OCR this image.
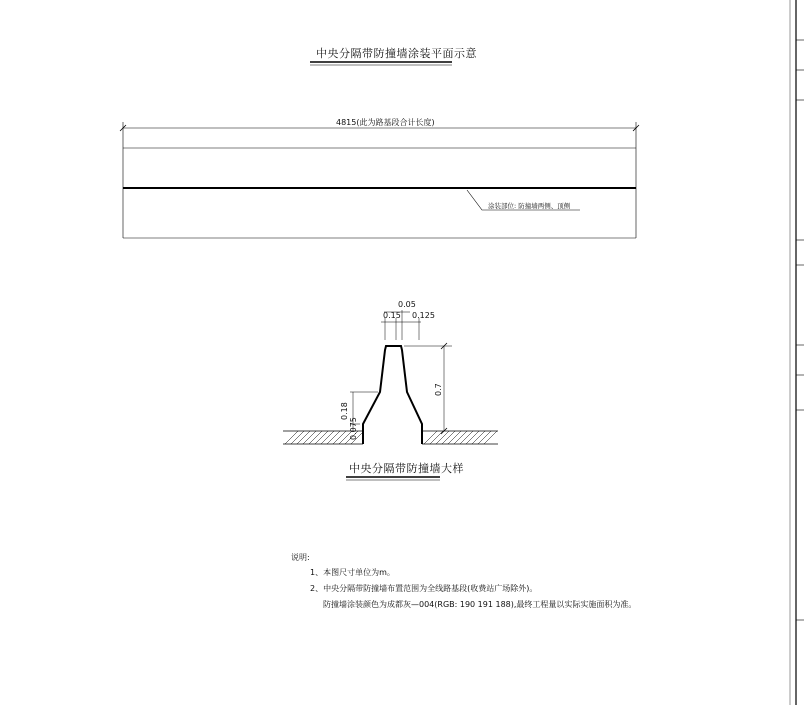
中央分隔带防撞墙涂装平面示意
4815(此为路基段合计长度)
涂装部位: 防撞墙两侧、顶侧
0.05
0.15 0.125
0.7
0.18
0.075
中央分隔带防撞墙大样
说明:
1、本图尺寸单位为m。
2、中央分隔带防撞墙布置范围为全线路基段(收费站广场除外)。
防撞墙涂装颜色为成都灰—004(RGB: 190 191 188),最终工程量以实际实施面积为准。
